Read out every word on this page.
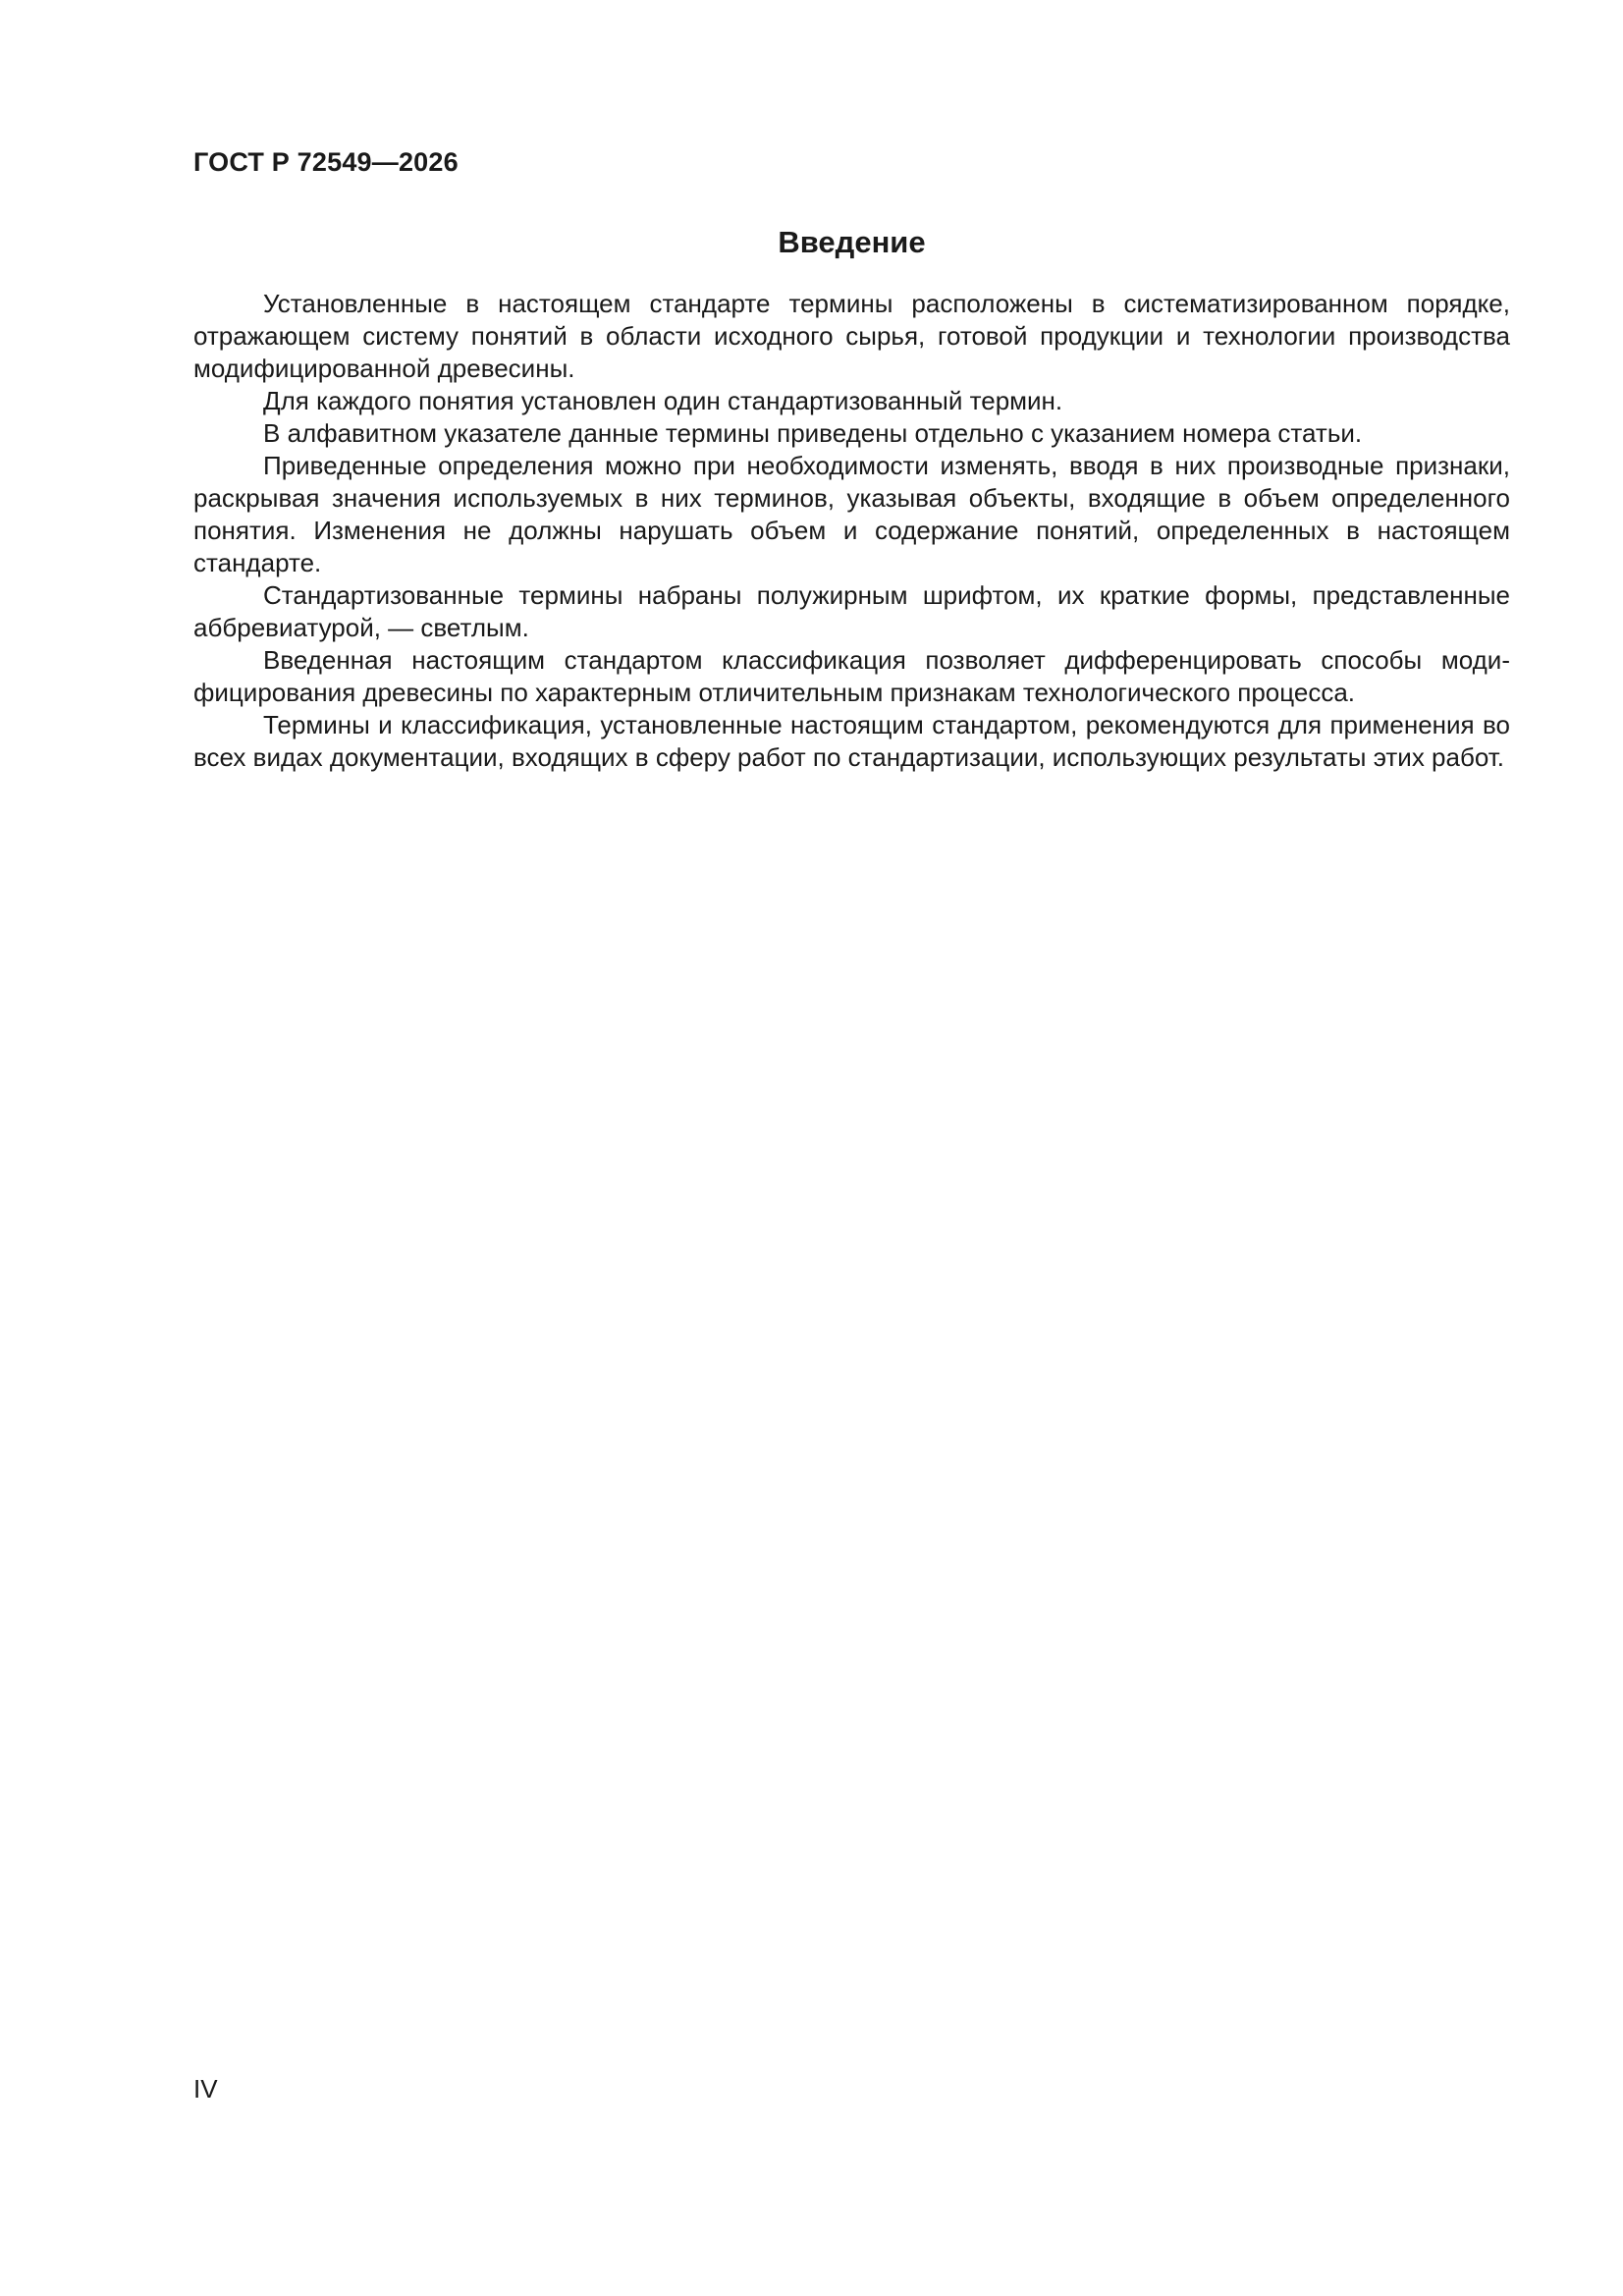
ГОСТ Р 72549—2026
Введение

Установленные в настоящем стандарте термины расположены в систематизированном порядке, отражающем систему понятий в области исходного сырья, готовой продукции и технологии производства модифицированной древесины.

Для каждого понятия установлен один стандартизованный термин.

В алфавитном указателе данные термины приведены отдельно с указанием номера статьи.

Приведенные определения можно при необходимости изменять, вводя в них производные признаки, раскрывая значения используемых в них терминов, указывая объекты, входящие в объем определенного понятия. Изменения не должны нарушать объем и содержание понятий, определенных в настоящем стандарте.

Стандартизованные термины набраны полужирным шрифтом, их краткие формы, представленные аббревиатурой, — светлым.

Введенная настоящим стандартом классификация позволяет дифференцировать способы модифицирования древесины по характерным отличительным признакам технологического процесса.

Термины и классификация, установленные настоящим стандартом, рекомендуются для применения во всех видах документации, входящих в сферу работ по стандартизации, использующих результаты этих работ.

IV
